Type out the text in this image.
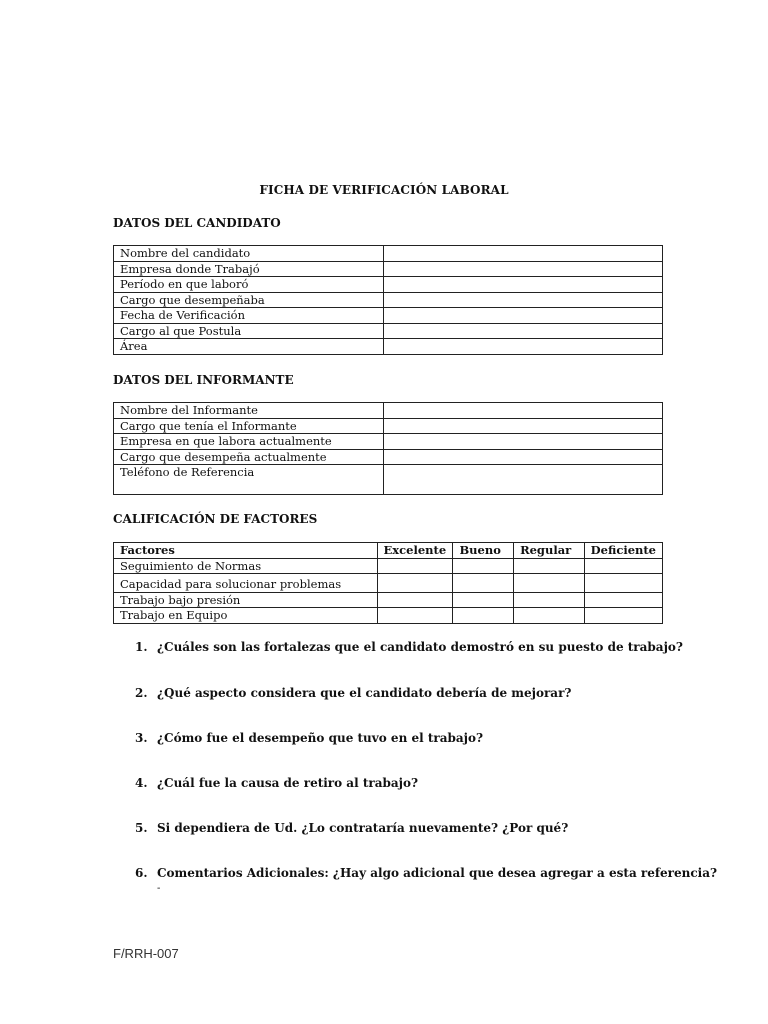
FICHA DE VERIFICACIÓN LABORAL
DATOS DEL CANDIDATO
Nombre del candidato	
Empresa donde Trabajó	
Período en que laboró	
Cargo que desempeñaba	
Fecha de Verificación	
Cargo al que Postula	
Área	
DATOS DEL INFORMANTE
Nombre del Informante	
Cargo que tenía el Informante	
Empresa en que labora actualmente	
Cargo que desempeña actualmente	
Teléfono de Referencia	
CALIFICACIÓN DE FACTORES
Factores	Excelente	Bueno	Regular	Deficiente
Seguimiento de Normas				
Capacidad para solucionar problemas				
Trabajo bajo presión				
Trabajo en Equipo				
1. ¿Cuáles son las fortalezas que el candidato demostró en su puesto de trabajo?
2. ¿Qué aspecto considera que el candidato debería de mejorar?
3. ¿Cómo fue el desempeño que tuvo en el trabajo?
4. ¿Cuál fue la causa de retiro al trabajo?
5. Si dependiera de Ud. ¿Lo contrataría nuevamente? ¿Por qué?
6. Comentarios Adicionales: ¿Hay algo adicional que desea agregar a esta referencia?
-
F/RRH-007
